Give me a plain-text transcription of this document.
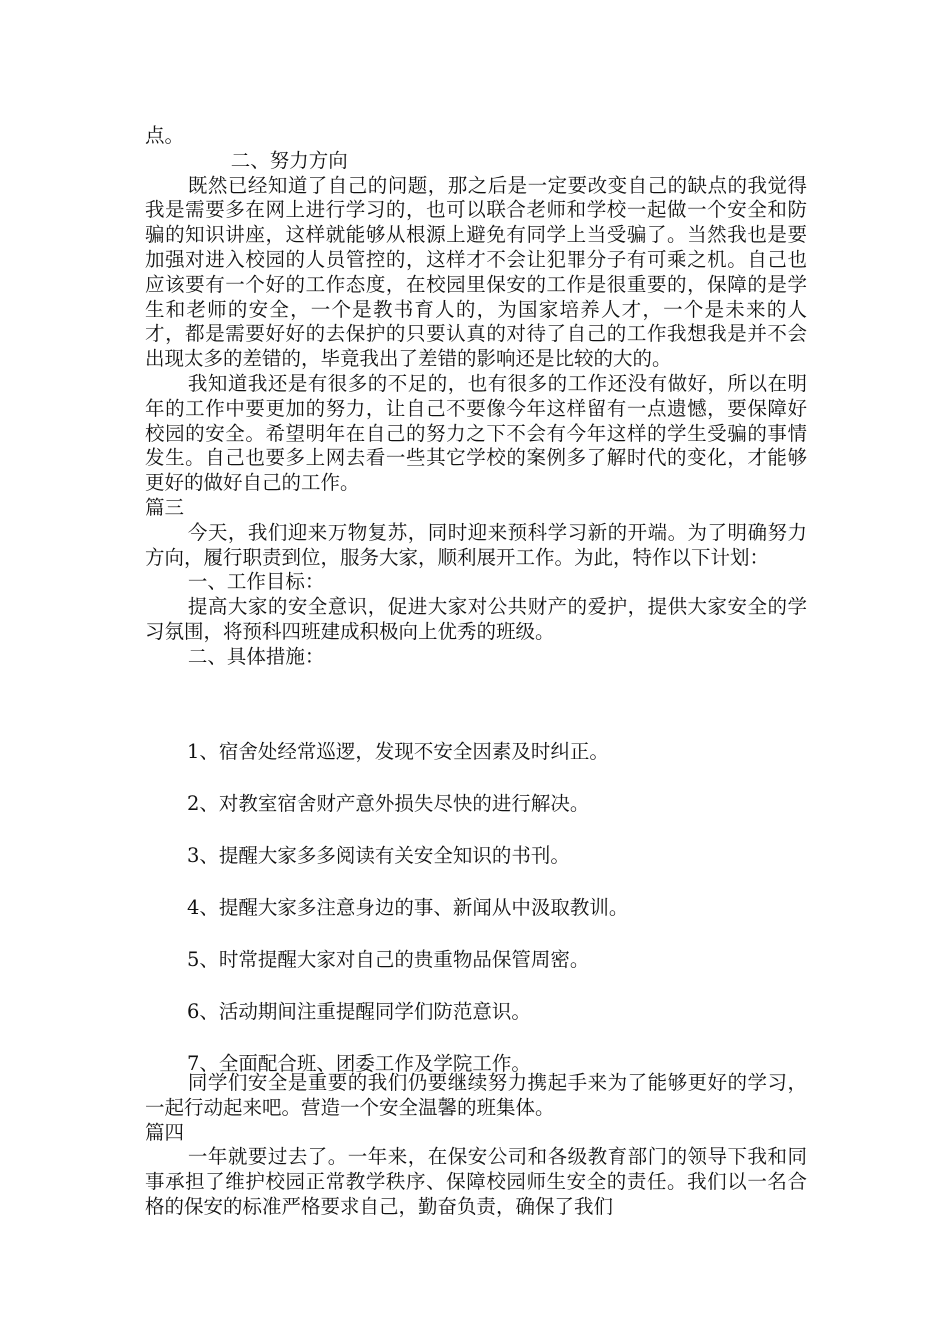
点。

二、努力方向

既然已经知道了自己的问题，那之后是一定要改变自己的缺点的我觉得我是需要多在网上进行学习的，也可以联合老师和学校一起做一个安全和防骗的知识讲座，这样就能够从根源上避免有同学上当受骗了。当然我也是要加强对进入校园的人员管控的，这样才不会让犯罪分子有可乘之机。自己也应该要有一个好的工作态度，在校园里保安的工作是很重要的，保障的是学生和老师的安全，一个是教书育人的，为国家培养人才，一个是未来的人才，都是需要好好的去保护的只要认真的对待了自己的工作我想我是并不会出现太多的差错的，毕竟我出了差错的影响还是比较的大的。

我知道我还是有很多的不足的，也有很多的工作还没有做好，所以在明年的工作中要更加的努力，让自己不要像今年这样留有一点遗憾，要保障好校园的安全。希望明年在自己的努力之下不会有今年这样的学生受骗的事情发生。自己也要多上网去看一些其它学校的案例多了解时代的变化，才能够更好的做好自己的工作。

篇三

今天，我们迎来万物复苏，同时迎来预科学习新的开端。为了明确努力方向，履行职责到位，服务大家，顺利展开工作。为此，特作以下计划：

一、工作目标：

提高大家的安全意识，促进大家对公共财产的爱护，提供大家安全的学习氛围，将预科四班建成积极向上优秀的班级。

二、具体措施：

1、宿舍处经常巡逻，发现不安全因素及时纠正。
2、对教室宿舍财产意外损失尽快的进行解决。
3、提醒大家多多阅读有关安全知识的书刊。
4、提醒大家多注意身边的事、新闻从中汲取教训。
5、时常提醒大家对自己的贵重物品保管周密。
6、活动期间注重提醒同学们防范意识。
7、全面配合班、团委工作及学院工作。

同学们安全是重要的我们仍要继续努力携起手来为了能够更好的学习，一起行动起来吧。营造一个安全温馨的班集体。

篇四

一年就要过去了。一年来，在保安公司和各级教育部门的领导下我和同事承担了维护校园正常教学秩序、保障校园师生安全的责任。我们以一名合格的保安的标准严格要求自己，勤奋负责，确保了我们
